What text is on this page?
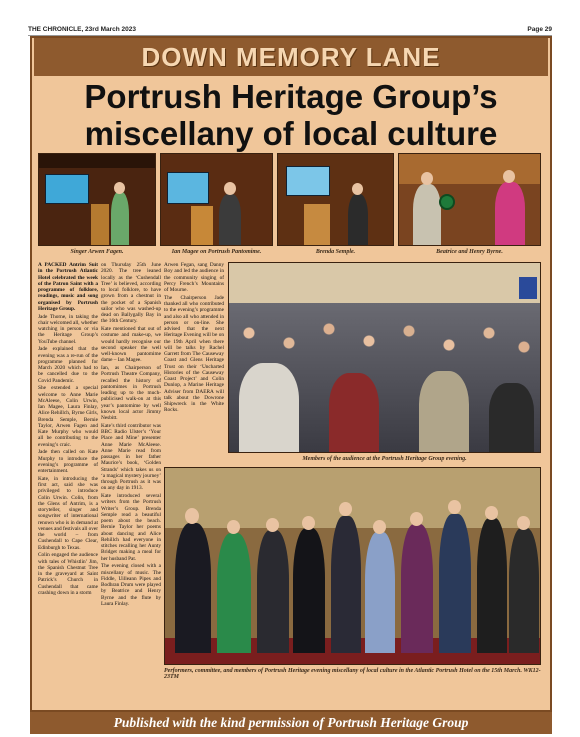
THE CHRONICLE, 23rd March 2023	Page 29
DOWN MEMORY LANE
Portrush Heritage Group’s
miscellany of local culture
Singer Arwen Fagen.	Ian Magee on Portrush Pantomime.	Brenda Semple.	Beatrice and Henry Byrne.

A PACKED Antrim Suit in the Portrush Atlantic Hotel celebrated the week of the Patron Saint with a programme of folklore, readings, music and song organised by Portrush Heritage Group.

Jade Thorne, in taking the chair welcomed all, whether watching in person or via the Heritage Group’s YouTube channel.

Jade explained that the evening was a re-run of the programme planned for March 2020 which had to be cancelled due to the Covid Pandemic.

She extended a special welcome to Anne Marie McAleese, Colin Urwin, Ian Magee, Laura Finlay, Alice Rehillch, Byrne Girls, Brenda Semple, Bernie Taylor, Arwen Fagen and Kate Murphy who would all be contributing to the evening’s craic.

Jade then called on Kate Murphy to introduce the evening’s programme of entertainment.

Kate, in introducing the first act, said she was privileged to introduce Colin Urwin. Colin, from the Glens of Antrim, is a storyteller, singer and songwriter of international renown who is in demand at venues and festivals all over the world – from Cushendall to Cape Clear, Edinburgh to Texas.

Colin engaged the audience with tales of Whistlin’ Jim, the Spanish Chestnut Tree in the graveyard at Saint Patrick’s Church in Cushendall that came crashing down in a storm

on Thursday 25th June 2020. The tree leaned locally as the ‘Cushendall Tree’ is believed, according to local folklore, to have grown from a chestnut in the pocket of a Spanish sailor who was washed-up dead on Ballygally Bay in the 16th Century.

Kate mentioned that out of costume and make-up, we would hardly recognise our second speaker the well well-known pantomime dame – Ian Magee.

Ian, as Chairperson of Portrush Theatre Company, recalled the history of pantomimes in Portrush leading up to the much-publicised walk-on at this year’s pantomime by well known local actor Jimmy Nesbitt.

Kate’s third contributor was BBC Radio Ulster’s ‘Your Place and Mine’ presenter Anne Marie McAleese. Anne Marie read from passages in her father Maurice’s book, ‘Golden Strands’ which takes us on ‘a magical mystery journey’ through Portrush as it was on any day in 1913.

Kate introduced several writers from the Portrush Writer’s Group. Brenda Semple read a beautiful poem about the beach. Bernie Taylor her poems about dancing and Alice Rehillch had everyone in stitches recalling her Aunty Bridget making a meal for her husband Pat.

The evening closed with a miscellany of music. The Fiddle, Uilleann Pipes and Bodhran Drum were played by Beatrice and Henry Byrne and the flute by Laura Finlay.

Arwen Fegan, sang Danny Boy and led the audience in the community singing of Percy French’s Mountains of Mourne.

The Chairperson Jade thanked all who contributed to the evening’s programme and also all who attended in person or on-line. She advised that the next Heritage Evening will be on the 19th April when there will be talks by Rachel Garrett from The Causeway Coast and Glens Heritage Trust on their ‘Uncharted Histories of the Causeway Coast Project’ and Colin Dunlop, a Marine Heritage Adviser from DAERA will talk about the Dowrone Shipwreck in the White Rocks.

Members of the audience at the Portrush Heritage Group evening.
Performers, committee, and members of Portrush Heritage evening miscellany of local culture in the Atlantic Portrush Hotel on the 15th March. WK12-23TM
Published with the kind permission of Portrush Heritage Group
